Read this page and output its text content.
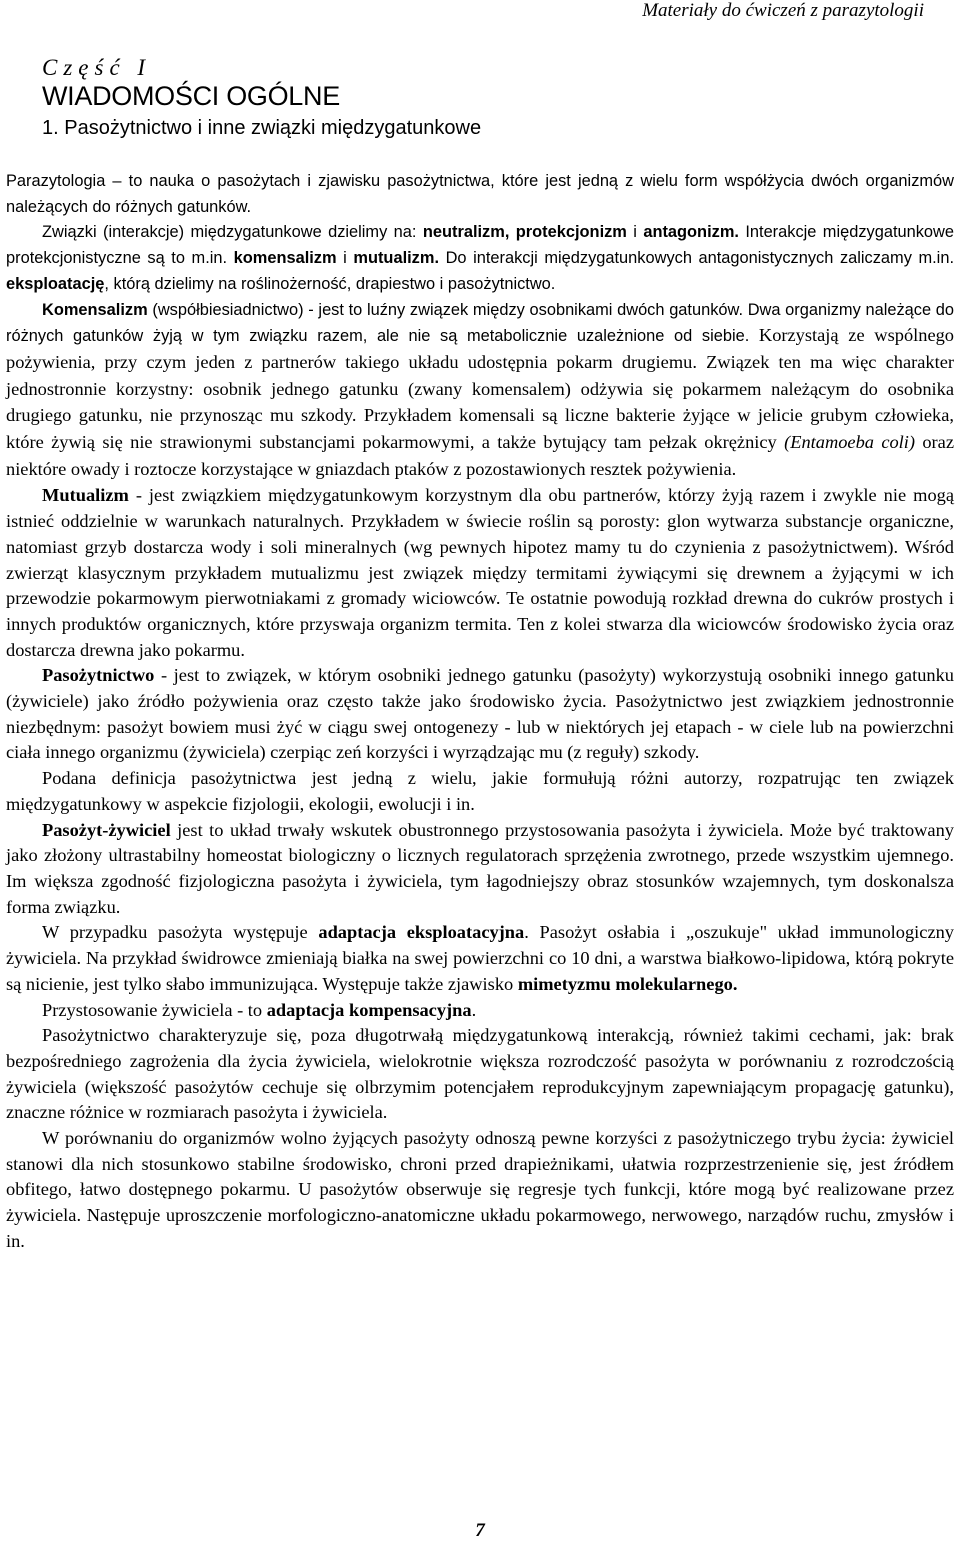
Materiały do ćwiczeń z parazytologii
Część I
WIADOMOŚCI OGÓLNE
1. Pasożytnictwo i inne związki międzygatunkowe

Parazytologia – to nauka o pasożytach i zjawisku pasożytnictwa, które jest jedną z wielu form współżycia dwóch organizmów należących do różnych gatunków.

Związki (interakcje) międzygatunkowe dzielimy na: neutralizm, protekcjonizm i antagonizm. Interakcje międzygatunkowe protekcjonistyczne są to m.in. komensalizm i mutualizm. Do interakcji międzygatunkowych antagonistycznych zaliczamy m.in. eksploatację, którą dzielimy na roślinożerność, drapiestwo i pasożytnictwo.

Komensalizm (współbiesiadnictwo) - jest to luźny związek między osobnikami dwóch gatunków. Dwa organizmy należące do różnych gatunków żyją w tym związku razem, ale nie są metabolicznie uzależnione od siebie. Korzystają ze wspólnego pożywienia, przy czym jeden z partnerów takiego układu udostępnia pokarm drugiemu. Związek ten ma więc charakter jednostronnie korzystny: osobnik jednego gatunku (zwany komensalem) odżywia się pokarmem należącym do osobnika drugiego gatunku, nie przynosząc mu szkody. Przykładem komensali są liczne bakterie żyjące w jelicie grubym człowieka, które żywią się nie strawionymi substancjami pokarmowymi, a także bytujący tam pełzak okrężnicy (Entamoeba coli) oraz niektóre owady i roztocze korzystające w gniazdach ptaków z pozostawionych resztek pożywienia.

Mutualizm - jest związkiem międzygatunkowym korzystnym dla obu partnerów, którzy żyją razem i zwykle nie mogą istnieć oddzielnie w warunkach naturalnych. Przykładem w świecie roślin są porosty: glon wytwarza substancje organiczne, natomiast grzyb dostarcza wody i soli mineralnych (wg pewnych hipotez mamy tu do czynienia z pasożytnictwem). Wśród zwierząt klasycznym przykładem mutualizmu jest związek między termitami żywiącymi się drewnem a żyjącymi w ich przewodzie pokarmowym pierwotniakami z gromady wiciowców. Te ostatnie powodują rozkład drewna do cukrów prostych i innych produktów organicznych, które przyswaja organizm termita. Ten z kolei stwarza dla wiciowców środowisko życia oraz dostarcza drewna jako pokarmu.

Pasożytnictwo - jest to związek, w którym osobniki jednego gatunku (pasożyty) wykorzystują osobniki innego gatunku (żywiciele) jako źródło pożywienia oraz często także jako środowisko życia. Pasożytnictwo jest związkiem jednostronnie niezbędnym: pasożyt bowiem musi żyć w ciągu swej ontogenezy - lub w niektórych jej etapach - w ciele lub na powierzchni ciała innego organizmu (żywiciela) czerpiąc zeń korzyści i wyrządzając mu (z reguły) szkody.

Podana definicja pasożytnictwa jest jedną z wielu, jakie formułują różni autorzy, rozpatrując ten związek międzygatunkowy w aspekcie fizjologii, ekologii, ewolucji i in.

Pasożyt-żywiciel jest to układ trwały wskutek obustronnego przystosowania pasożyta i żywiciela. Może być traktowany jako złożony ultrastabilny homeostat biologiczny o licznych regulatorach sprzężenia zwrotnego, przede wszystkim ujemnego. Im większa zgodność fizjologiczna pasożyta i żywiciela, tym łagodniejszy obraz stosunków wzajemnych, tym doskonalsza forma związku.

W przypadku pasożyta występuje adaptacja eksploatacyjna. Pasożyt osłabia i „oszukuje" układ immunologiczny żywiciela. Na przykład świdrowce zmieniają białka na swej powierzchni co 10 dni, a warstwa białkowo-lipidowa, którą pokryte są nicienie, jest tylko słabo immunizująca. Występuje także zjawisko mimetyzmu molekularnego.

Przystosowanie żywiciela - to adaptacja kompensacyjna.

Pasożytnictwo charakteryzuje się, poza długotrwałą międzygatunkową interakcją, również takimi cechami, jak: brak bezpośredniego zagrożenia dla życia żywiciela, wielokrotnie większa rozrodczość pasożyta w porównaniu z rozrodczością żywiciela (większość pasożytów cechuje się olbrzymim potencjałem reprodukcyjnym zapewniającym propagację gatunku), znaczne różnice w rozmiarach pasożyta i żywiciela.

W porównaniu do organizmów wolno żyjących pasożyty odnoszą pewne korzyści z pasożytniczego trybu życia: żywiciel stanowi dla nich stosunkowo stabilne środowisko, chroni przed drapieżnikami, ułatwia rozprzestrzenienie się, jest źródłem obfitego, łatwo dostępnego pokarmu. U pasożytów obserwuje się regresje tych funkcji, które mogą być realizowane przez żywiciela. Następuje uproszczenie morfologiczno-anatomiczne układu pokarmowego, nerwowego, narządów ruchu, zmysłów i in.

7
